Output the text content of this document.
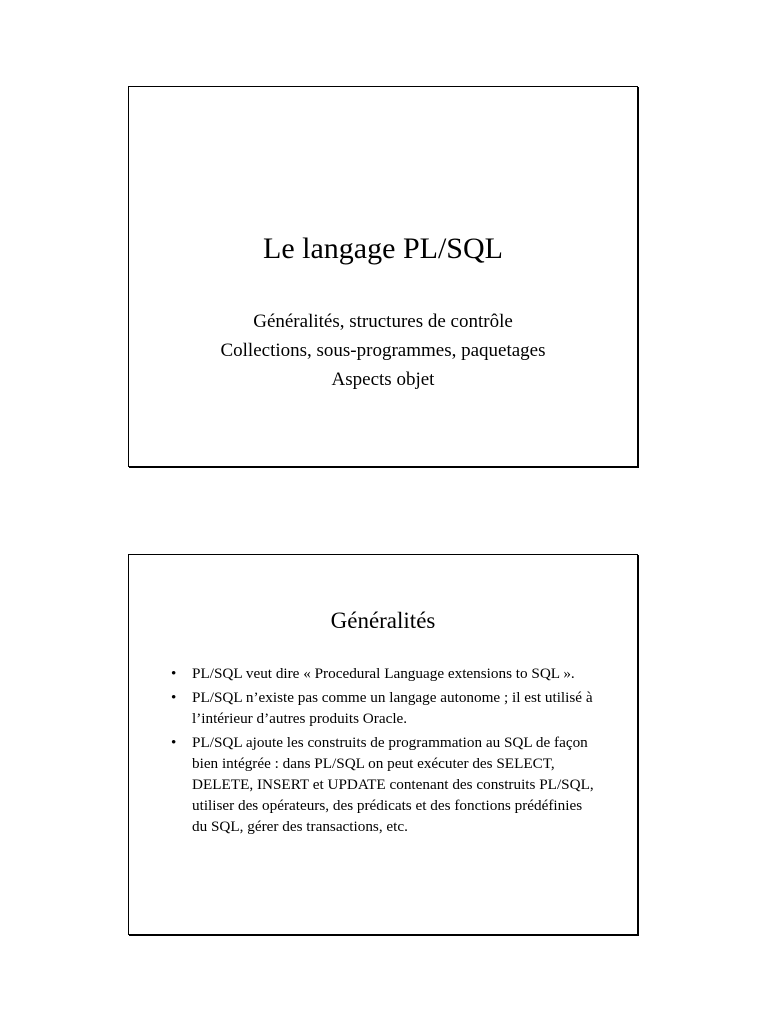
Le langage PL/SQL
Généralités, structures de contrôle
Collections, sous-programmes, paquetages
Aspects objet
Généralités
• PL/SQL veut dire « Procedural Language extensions to SQL ».
• PL/SQL n’existe pas comme un langage autonome ; il est utilisé à l’intérieur d’autres produits Oracle.
• PL/SQL ajoute les construits de programmation au SQL de façon bien intégrée : dans PL/SQL on peut exécuter des SELECT, DELETE, INSERT et UPDATE contenant des construits PL/SQL, utiliser des opérateurs, des prédicats et des fonctions prédéfinies du SQL, gérer des transactions, etc.
